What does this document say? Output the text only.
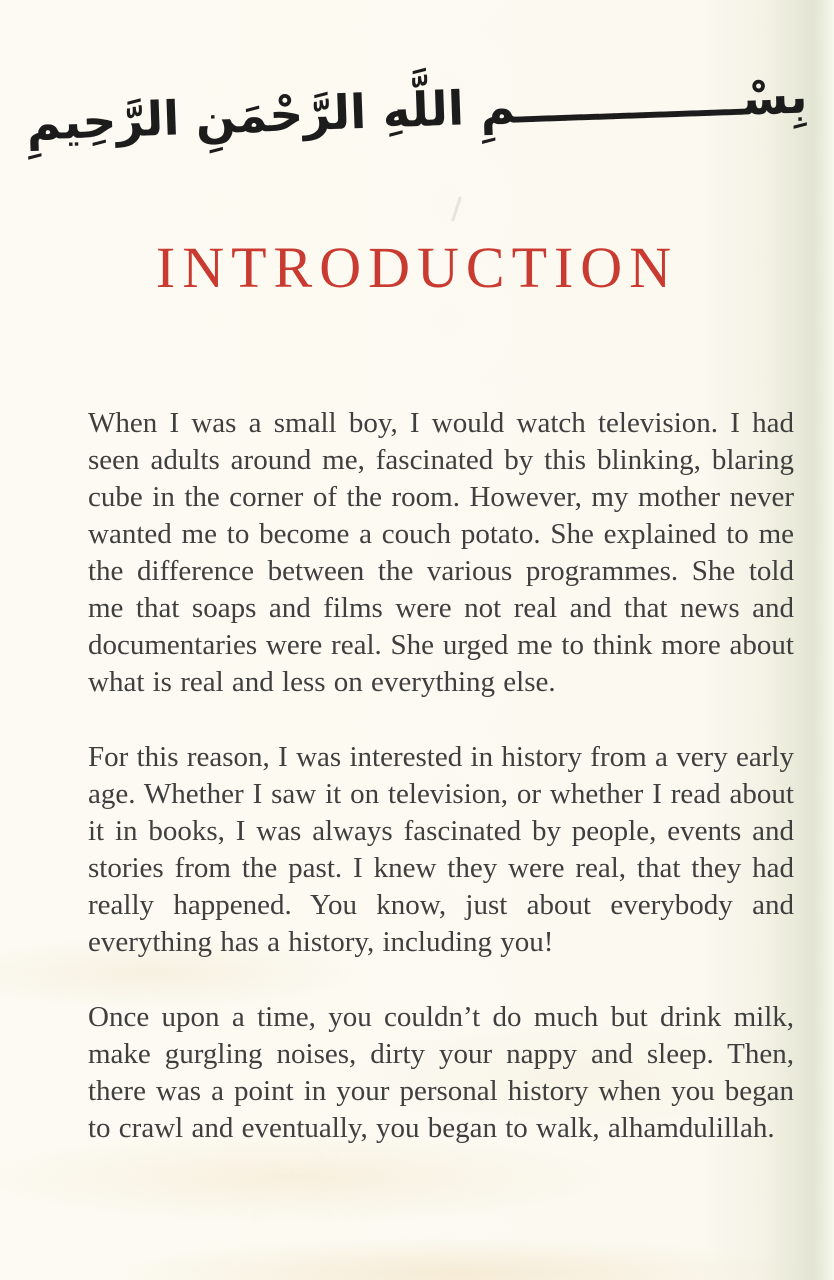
بِسْــــــــــــــمِ اللَّهِ الرَّحْمَنِ الرَّحِيمِ
INTRODUCTION

When I was a small boy, I would watch television. I had seen adults around me, fascinated by this blinking, blaring cube in the corner of the room. However, my mother never wanted me to become a couch potato. She explained to me the difference between the various programmes. She told me that soaps and films were not real and that news and documentaries were real. She urged me to think more about what is real and less on everything else.

For this reason, I was interested in history from a very early age. Whether I saw it on television, or whether I read about it in books, I was always fascinated by people, events and stories from the past. I knew they were real, that they had really happened. You know, just about everybody and everything has a history, including you!

Once upon a time, you couldn’t do much but drink milk, make gurgling noises, dirty your nappy and sleep. Then, there was a point in your personal history when you began to crawl and eventually, you began to walk, alhamdulillah.
